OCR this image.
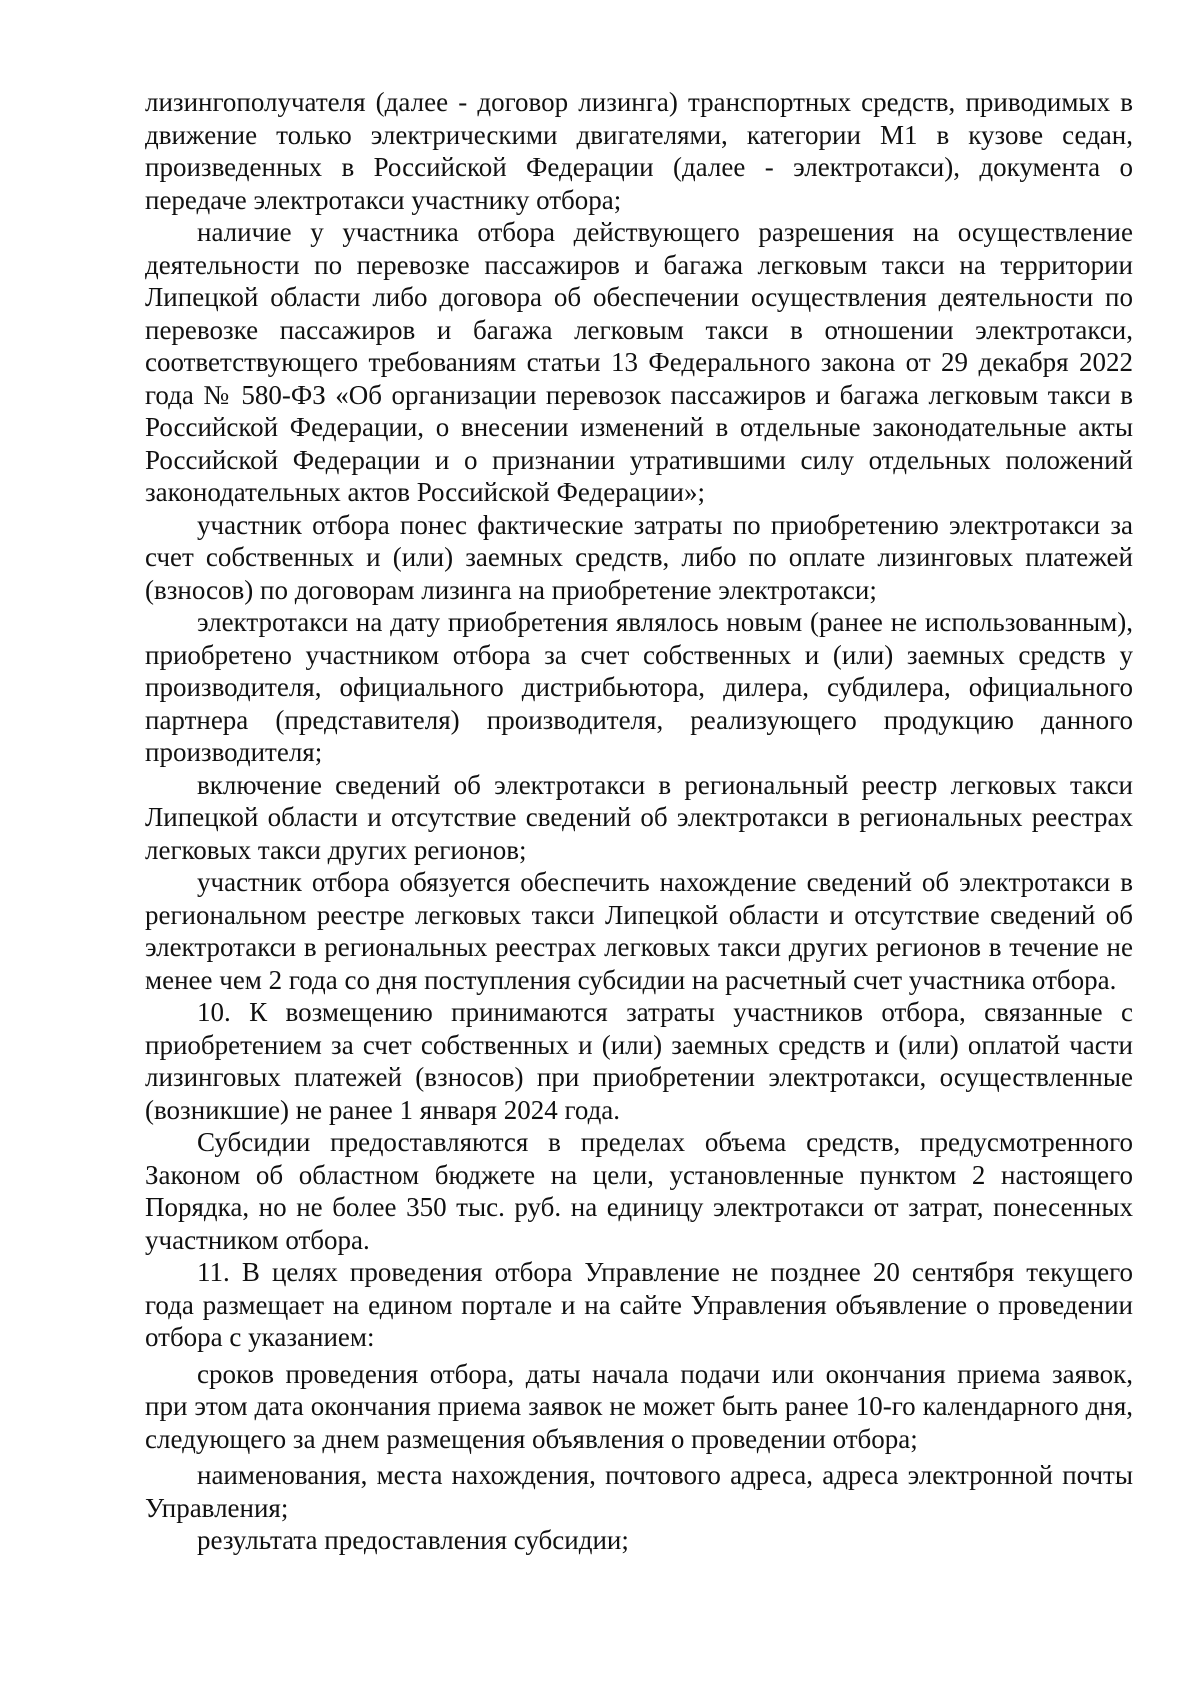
лизингополучателя (далее - договор лизинга) транспортных средств, приводимых в движение только электрическими двигателями, категории М1 в кузове седан, произведенных в Российской Федерации (далее - электротакси), документа о передаче электротакси участнику отбора;

наличие у участника отбора действующего разрешения на осуществление деятельности по перевозке пассажиров и багажа легковым такси на территории Липецкой области либо договора об обеспечении осуществления деятельности по перевозке пассажиров и багажа легковым такси в отношении электротакси, соответствующего требованиям статьи 13 Федерального закона от 29 декабря 2022 года № 580-ФЗ «Об организации перевозок пассажиров и багажа легковым такси в Российской Федерации, о внесении изменений в отдельные законодательные акты Российской Федерации и о признании утратившими силу отдельных положений законодательных актов Российской Федерации»;

участник отбора понес фактические затраты по приобретению электротакси за счет собственных и (или) заемных средств, либо по оплате лизинговых платежей (взносов) по договорам лизинга на приобретение электротакси;

электротакси на дату приобретения являлось новым (ранее не использованным), приобретено участником отбора за счет собственных и (или) заемных средств у производителя, официального дистрибьютора, дилера, субдилера, официального партнера (представителя) производителя, реализующего продукцию данного производителя;

включение сведений об электротакси в региональный реестр легковых такси Липецкой области и отсутствие сведений об электротакси в региональных реестрах легковых такси других регионов;

участник отбора обязуется обеспечить нахождение сведений об электротакси в региональном реестре легковых такси Липецкой области и отсутствие сведений об электротакси в региональных реестрах легковых такси других регионов в течение не менее чем 2 года со дня поступления субсидии на расчетный счет участника отбора.

10. К возмещению принимаются затраты участников отбора, связанные с приобретением за счет собственных и (или) заемных средств и (или) оплатой части лизинговых платежей (взносов) при приобретении электротакси, осуществленные (возникшие) не ранее 1 января 2024 года.

Субсидии предоставляются в пределах объема средств, предусмотренного Законом об областном бюджете на цели, установленные пунктом 2 настоящего Порядка, но не более 350 тыс. руб. на единицу электротакси от затрат, понесенных участником отбора.

11. В целях проведения отбора Управление не позднее 20 сентября текущего года размещает на едином портале и на сайте Управления объявление о проведении отбора с указанием:

сроков проведения отбора, даты начала подачи или окончания приема заявок, при этом дата окончания приема заявок не может быть ранее 10-го календарного дня, следующего за днем размещения объявления о проведении отбора;

наименования, места нахождения, почтового адреса, адреса электронной почты Управления;

результата предоставления субсидии;
